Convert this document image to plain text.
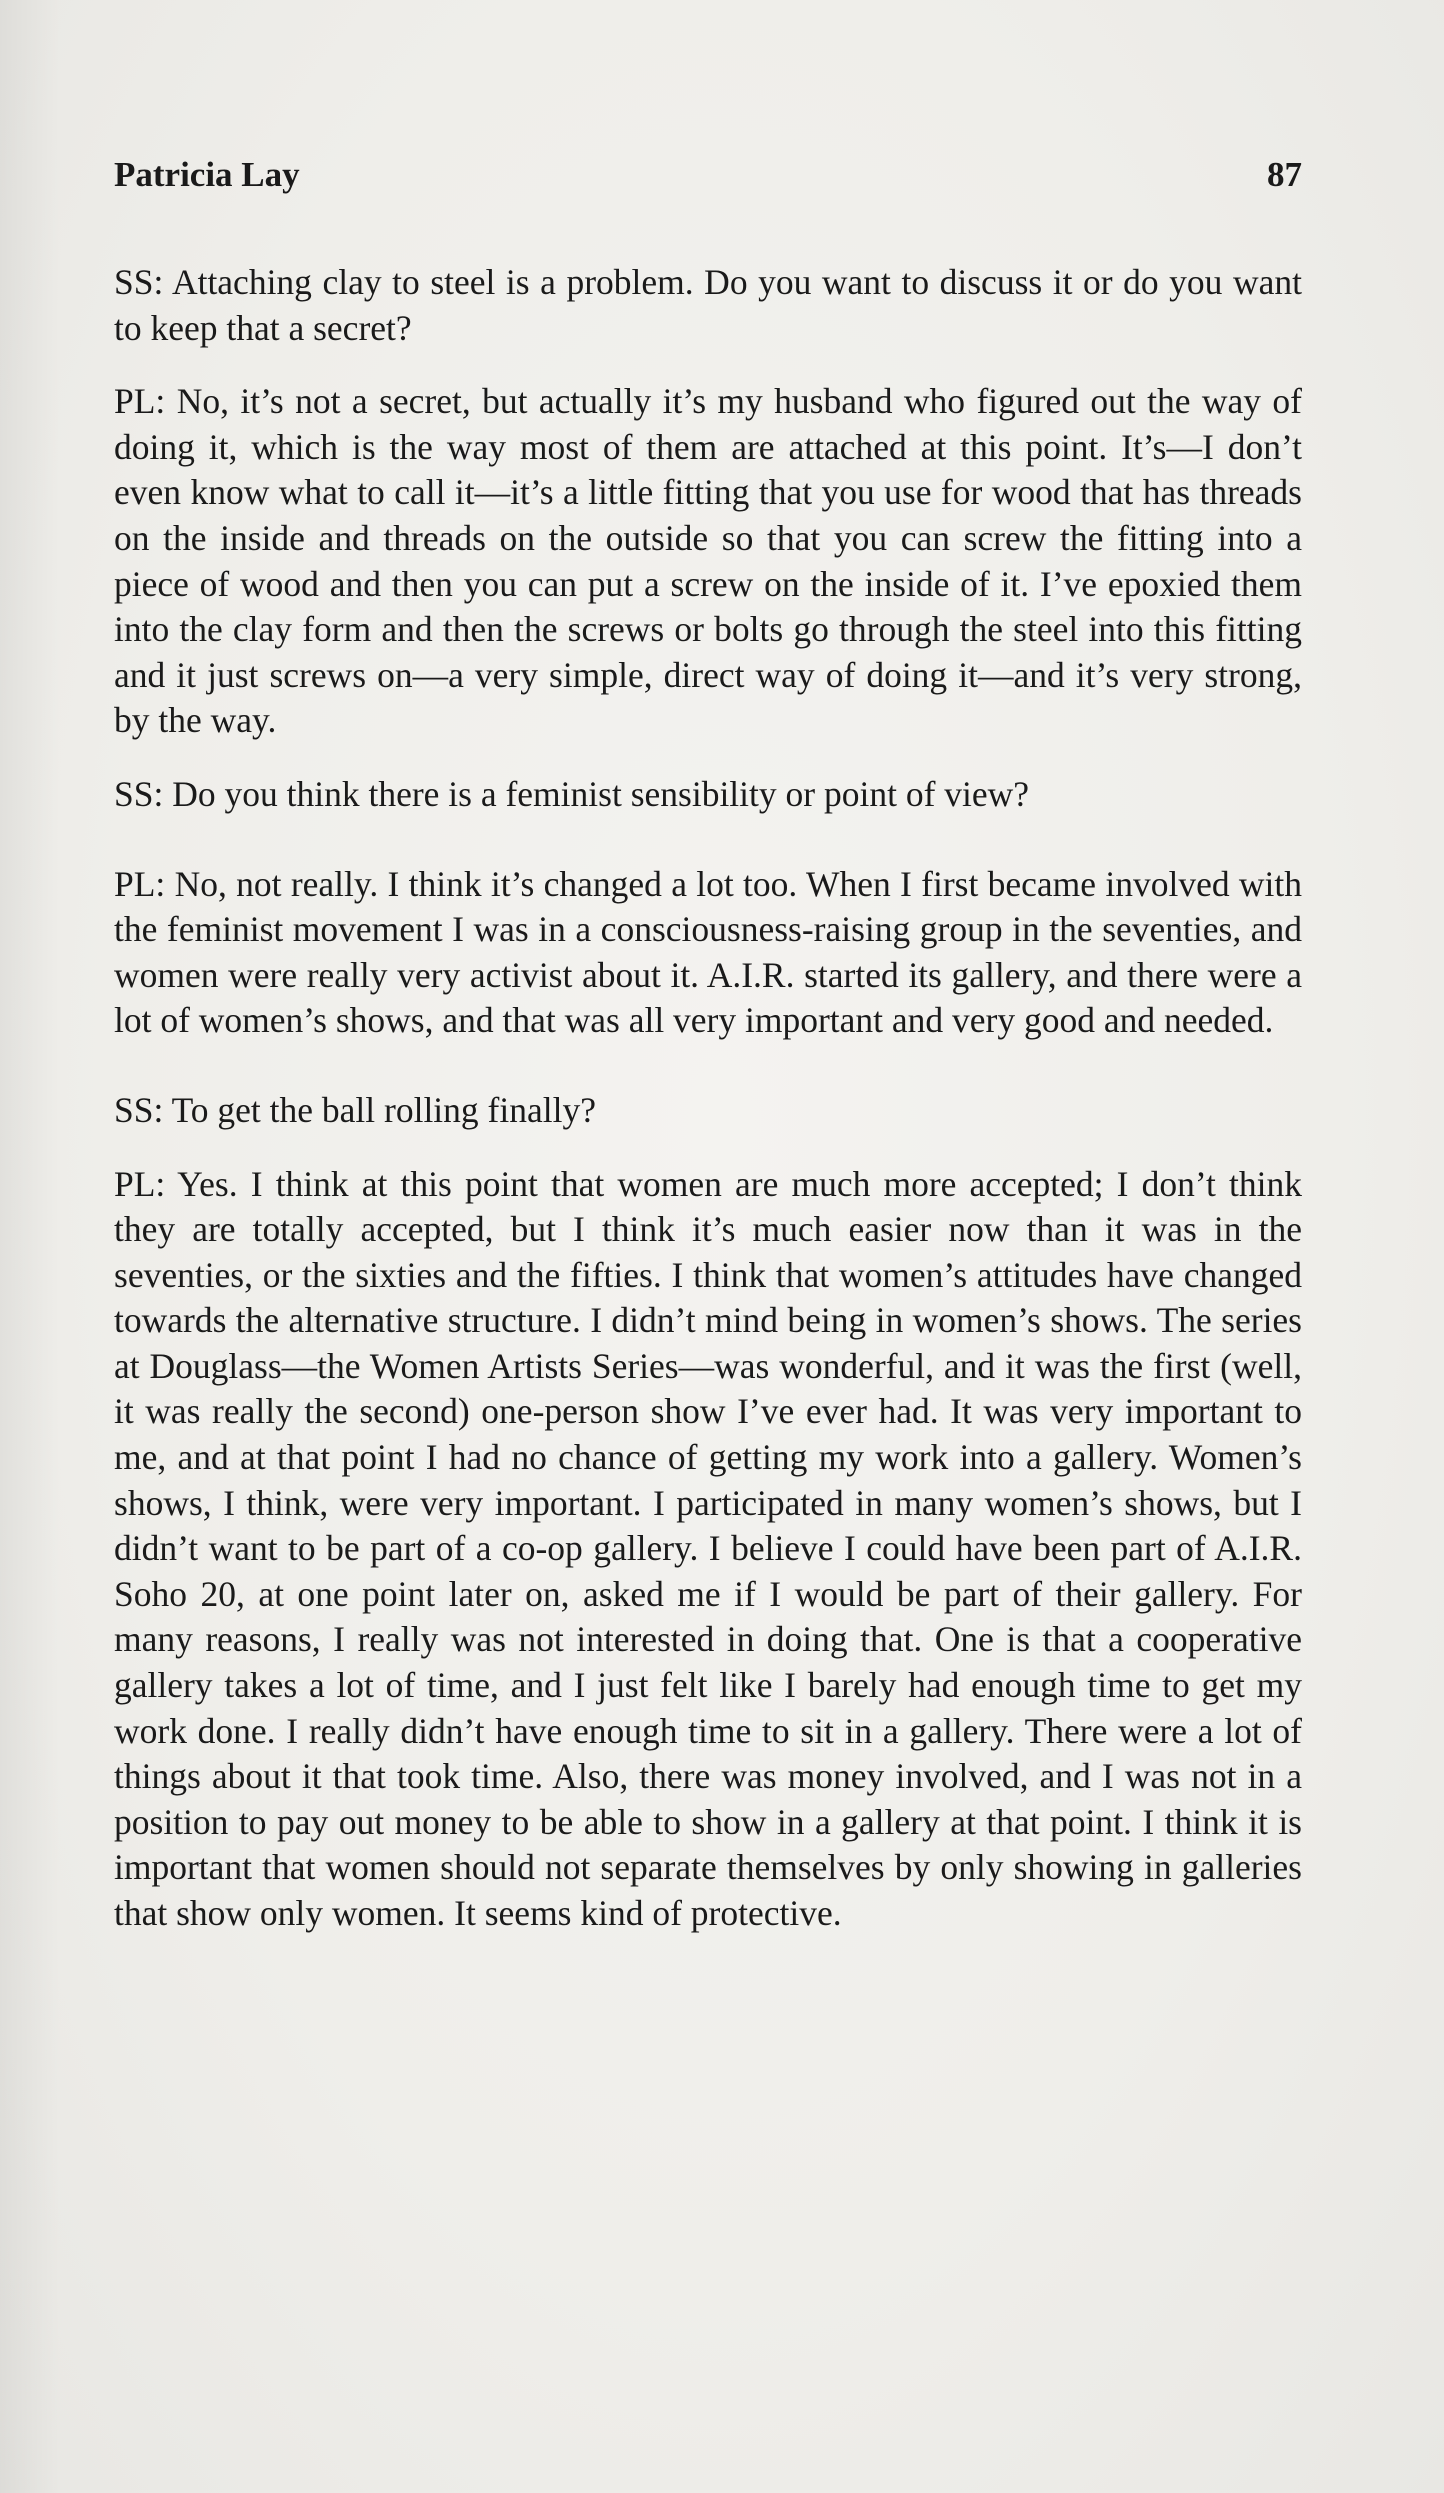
Patricia Lay	87

SS: Attaching clay to steel is a problem. Do you want to discuss it or do you want to keep that a secret?

PL: No, it’s not a secret, but actually it’s my husband who figured out the way of doing it, which is the way most of them are attached at this point. It’s—I don’t even know what to call it—it’s a little fitting that you use for wood that has threads on the inside and threads on the outside so that you can screw the fitting into a piece of wood and then you can put a screw on the inside of it. I’ve epoxied them into the clay form and then the screws or bolts go through the steel into this fitting and it just screws on—a very simple, direct way of doing it—and it’s very strong, by the way.

SS: Do you think there is a feminist sensibility or point of view?

PL: No, not really. I think it’s changed a lot too. When I first became involved with the feminist movement I was in a consciousness-raising group in the seventies, and women were really very activist about it. A.I.R. started its gallery, and there were a lot of women’s shows, and that was all very important and very good and needed.

SS: To get the ball rolling finally?

PL: Yes. I think at this point that women are much more accepted; I don’t think they are totally accepted, but I think it’s much easier now than it was in the seventies, or the sixties and the fifties. I think that women’s attitudes have changed towards the alternative structure. I didn’t mind being in women’s shows. The series at Douglass—the Women Artists Series—was wonderful, and it was the first (well, it was really the second) one-person show I’ve ever had. It was very important to me, and at that point I had no chance of getting my work into a gallery. Women’s shows, I think, were very important. I participated in many women’s shows, but I didn’t want to be part of a co-op gallery. I believe I could have been part of A.I.R. Soho 20, at one point later on, asked me if I would be part of their gallery. For many reasons, I really was not interested in doing that. One is that a cooperative gallery takes a lot of time, and I just felt like I barely had enough time to get my work done. I really didn’t have enough time to sit in a gallery. There were a lot of things about it that took time. Also, there was money involved, and I was not in a position to pay out money to be able to show in a gallery at that point. I think it is important that women should not separate themselves by only showing in galleries that show only women. It seems kind of protective.
